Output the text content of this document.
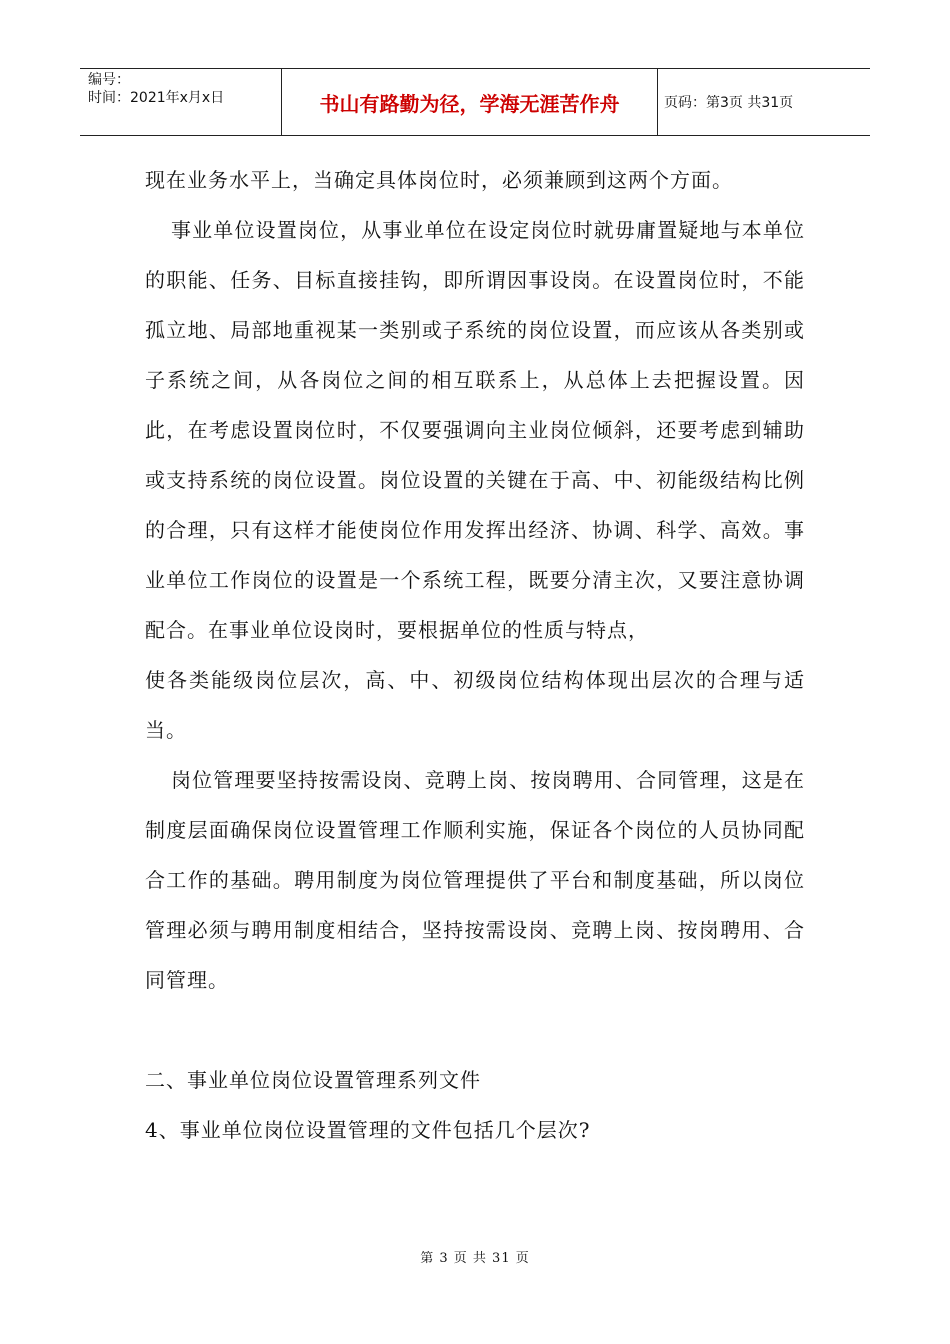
编号：
时间：2021年x月x日	书山有路勤为径，学海无涯苦作舟	页码：第3页 共31页

现在业务水平上，当确定具体岗位时，必须兼顾到这两个方面。

事业单位设置岗位，从事业单位在设定岗位时就毋庸置疑地与本单位的职能、任务、目标直接挂钩，即所谓因事设岗。在设置岗位时，不能孤立地、局部地重视某一类别或子系统的岗位设置，而应该从各类别或子系统之间，从各岗位之间的相互联系上，从总体上去把握设置。因此，在考虑设置岗位时，不仅要强调向主业岗位倾斜，还要考虑到辅助或支持系统的岗位设置。岗位设置的关键在于高、中、初能级结构比例的合理，只有这样才能使岗位作用发挥出经济、协调、科学、高效。事业单位工作岗位的设置是一个系统工程，既要分清主次，又要注意协调配合。在事业单位设岗时，要根据单位的性质与特点，

使各类能级岗位层次，高、中、初级岗位结构体现出层次的合理与适当。

岗位管理要坚持按需设岗、竞聘上岗、按岗聘用、合同管理，这是在制度层面确保岗位设置管理工作顺利实施，保证各个岗位的人员协同配合工作的基础。聘用制度为岗位管理提供了平台和制度基础，所以岗位管理必须与聘用制度相结合，坚持按需设岗、竞聘上岗、按岗聘用、合同管理。

二、事业单位岗位设置管理系列文件

4、事业单位岗位设置管理的文件包括几个层次?

第 3 页 共 31 页
